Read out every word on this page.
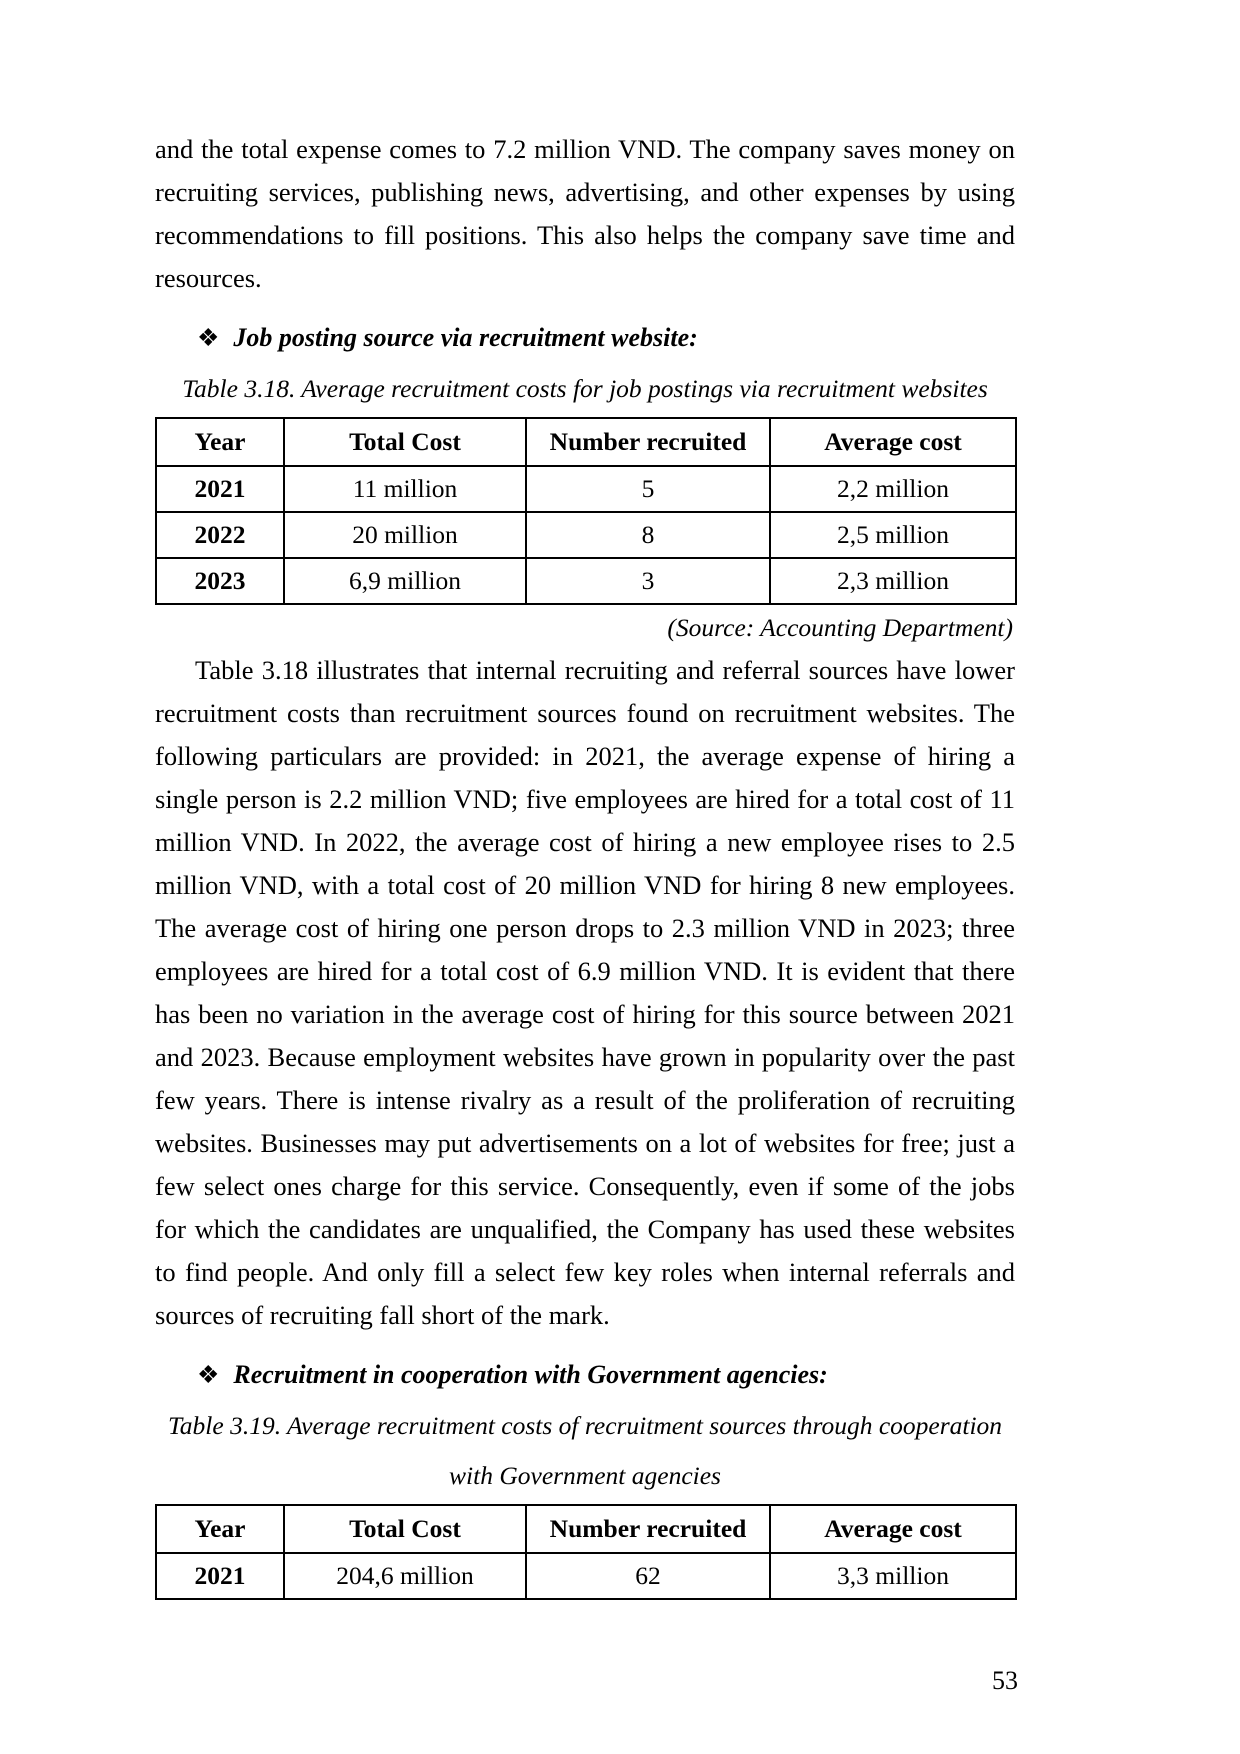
and the total expense comes to 7.2 million VND. The company saves money on recruiting services, publishing news, advertising, and other expenses by using recommendations to fill positions. This also helps the company save time and resources.

❖ Job posting source via recruitment website:
Table 3.18. Average recruitment costs for job postings via recruitment websites
Year	Total Cost	Number recruited	Average cost
2021	11 million	5	2,2 million
2022	20 million	8	2,5 million
2023	6,9 million	3	2,3 million
(Source: Accounting Department)

Table 3.18 illustrates that internal recruiting and referral sources have lower recruitment costs than recruitment sources found on recruitment websites. The following particulars are provided: in 2021, the average expense of hiring a single person is 2.2 million VND; five employees are hired for a total cost of 11 million VND. In 2022, the average cost of hiring a new employee rises to 2.5 million VND, with a total cost of 20 million VND for hiring 8 new employees. The average cost of hiring one person drops to 2.3 million VND in 2023; three employees are hired for a total cost of 6.9 million VND. It is evident that there has been no variation in the average cost of hiring for this source between 2021 and 2023. Because employment websites have grown in popularity over the past few years. There is intense rivalry as a result of the proliferation of recruiting websites. Businesses may put advertisements on a lot of websites for free; just a few select ones charge for this service. Consequently, even if some of the jobs for which the candidates are unqualified, the Company has used these websites to find people. And only fill a select few key roles when internal referrals and sources of recruiting fall short of the mark.

❖ Recruitment in cooperation with Government agencies:
Table 3.19. Average recruitment costs of recruitment sources through cooperation
with Government agencies
Year	Total Cost	Number recruited	Average cost
2021	204,6 million	62	3,3 million
53
